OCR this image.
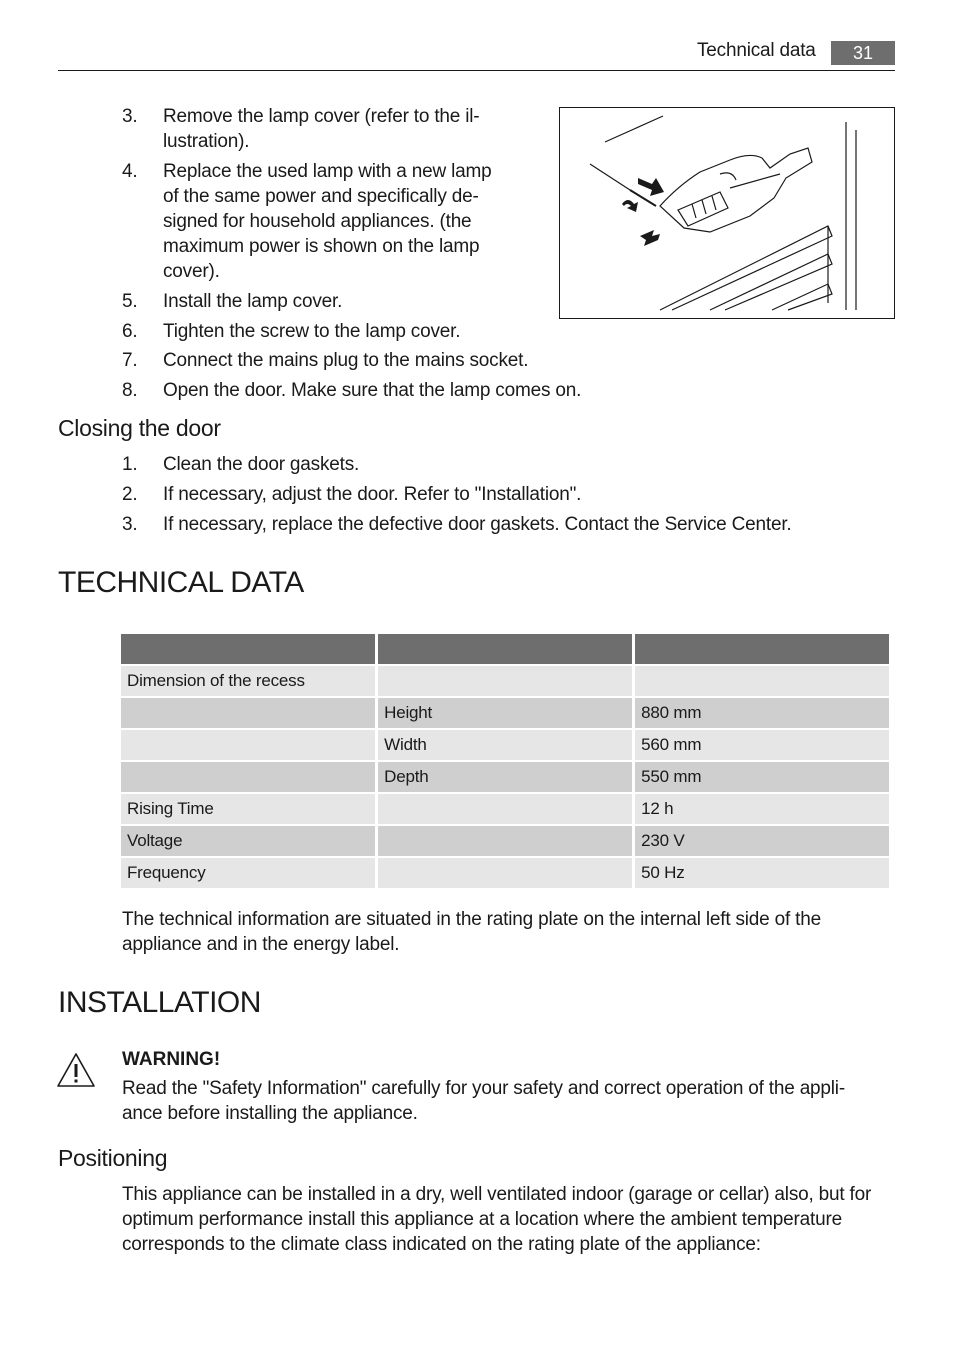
Technical data	31
3.	Remove the lamp cover (refer to the il-
lustration).
4.	Replace the used lamp with a new lamp
of the same power and specifically de-
signed for household appliances. (the
maximum power is shown on the lamp
cover).
5.	Install the lamp cover.
6.	Tighten the screw to the lamp cover.
7.	Connect the mains plug to the mains socket.
8.	Open the door. Make sure that the lamp comes on.
Closing the door
1.	Clean the door gaskets.
2.	If necessary, adjust the door. Refer to "Installation".
3.	If necessary, replace the defective door gaskets. Contact the Service Center.
TECHNICAL DATA

Dimension of the recess		
	Height	880 mm
	Width	560 mm
	Depth	550 mm
Rising Time		12 h
Voltage		230 V
Frequency		50 Hz
The technical information are situated in the rating plate on the internal left side of the appliance and in the energy label.
INSTALLATION
WARNING!
Read the "Safety Information" carefully for your safety and correct operation of the appli-
ance before installing the appliance.
Positioning
This appliance can be installed in a dry, well ventilated indoor (garage or cellar) also, but for optimum performance install this appliance at a location where the ambient temperature corresponds to the climate class indicated on the rating plate of the appliance:
